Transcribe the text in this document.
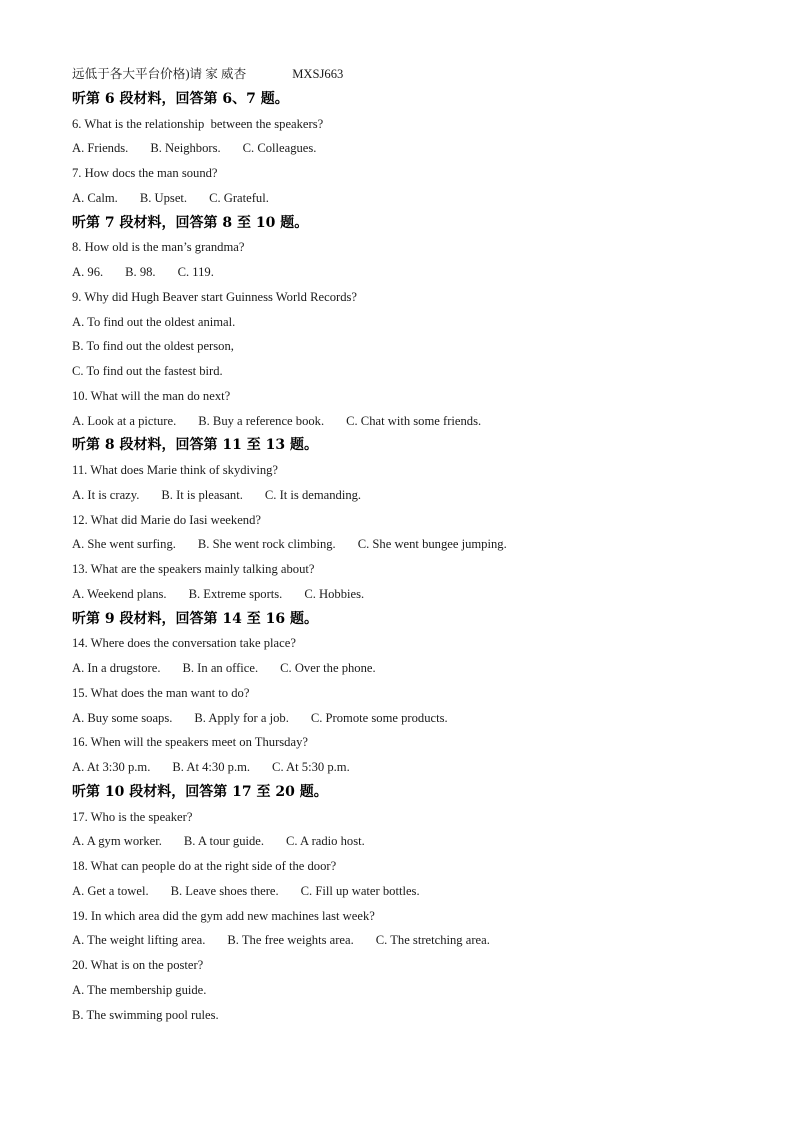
远低于各大平台价格)请 家 威杏	MXSJ663
听第 6 段材料，回答第 6、7 题。
6. What is the relationship  between the speakers?
A. Friends. B. Neighbors. C. Colleagues.
7. How docs the man sound?
A. Calm. B. Upset. C. Grateful.
听第 7 段材料，回答第 8 至 10 题。
8. How old is the man’s grandma?
A. 96. B. 98. C. 119.
9. Why did Hugh Beaver start Guinness World Records?
A. To find out the oldest animal.
B. To find out the oldest person,
C. To find out the fastest bird.
10. What will the man do next?
A. Look at a picture. B. Buy a reference book. C. Chat with some friends.
听第 8 段材料，回答第 11 至 13 题。
11. What does Marie think of skydiving?
A. It is crazy. B. It is pleasant. C. It is demanding.
12. What did Marie do Iasi weekend?
A. She went surfing. B. She went rock climbing. C. She went bungee jumping.
13. What are the speakers mainly talking about?
A. Weekend plans. B. Extreme sports. C. Hobbies.
听第 9 段材料，回答第 14 至 16 题。
14. Where does the conversation take place?
A. In a drugstore. B. In an office. C. Over the phone.
15. What does the man want to do?
A. Buy some soaps. B. Apply for a job. C. Promote some products.
16. When will the speakers meet on Thursday?
A. At 3:30 p.m. B. At 4:30 p.m. C. At 5:30 p.m.
听第 10 段材料，回答第 17 至 20 题。
17. Who is the speaker?
A. A gym worker. B. A tour guide. C. A radio host.
18. What can people do at the right side of the door?
A. Get a towel. B. Leave shoes there. C. Fill up water bottles.
19. In which area did the gym add new machines last week?
A. The weight lifting area. B. The free weights area. C. The stretching area.
20. What is on the poster?
A. The membership guide.
B. The swimming pool rules.
